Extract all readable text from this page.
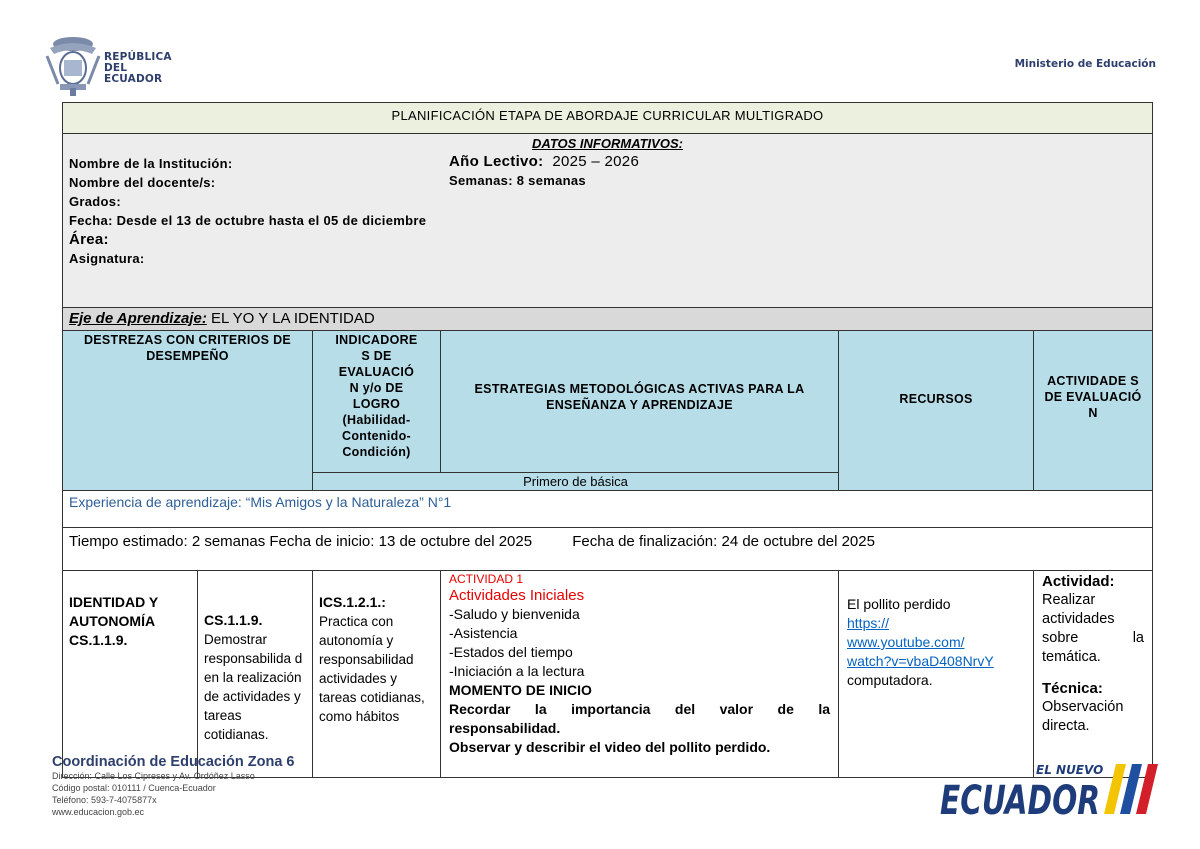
REPÚBLICA
DEL ECUADOR
Ministerio de Educación
PLANIFICACIÓN ETAPA DE ABORDAJE CURRICULAR MULTIGRADO
DATOS INFORMATIVOS:
Nombre de la Institución:
Nombre del docente/s:
Grados:
Fecha: Desde el 13 de octubre hasta el 05 de diciembre
Área:
Asignatura:
Año Lectivo: 2025 – 2026
Semanas: 8 semanas
Eje de Aprendizaje: EL YO Y LA IDENTIDAD
DESTREZAS CON CRITERIOS DE DESEMPEÑO
INDICADORE S DE EVALUACIÓ N y/o DE LOGRO (Habilidad-Contenido-Condición)
ESTRATEGIAS METODOLÓGICAS ACTIVAS PARA LA ENSEÑANZA Y APRENDIZAJE
Primero de básica
RECURSOS
ACTIVIDADE S DE EVALUACIÓ N
Experiencia de aprendizaje: “Mis Amigos y la Naturaleza” N°1
Tiempo estimado: 2 semanas Fecha de inicio: 13 de octubre del 2025	Fecha de finalización: 24 de octubre del 2025
IDENTIDAD Y AUTONOMÍA
CS.1.1.9.
CS.1.1.9.
Demostrar responsabilida d en la realización de actividades y tareas cotidianas.
ICS.1.2.1.:
Practica con autonomía y responsabilidad actividades y tareas cotidianas, como hábitos
ACTIVIDAD 1
Actividades Iniciales
-Saludo y bienvenida
-Asistencia
-Estados del tiempo
-Iniciación a la lectura
MOMENTO DE INICIO
Recordar la importancia del valor de la
responsabilidad.
Observar y describir el video del pollito perdido.
El pollito perdido
https://
www.youtube.com/
watch?v=vbaD408NrvY
computadora.
Actividad:
Realizar
actividades

sobre	la
temática.
Técnica:
Observación directa.
Coordinación de Educación Zona 6
Dirección: Calle Los Cipreses y Av. Ordóñez Lasso
Código postal: 010111 / Cuenca-Ecuador
Teléfono: 593-7-4075877x
www.educacion.gob.ec
EL NUEVO
ECUADOR
